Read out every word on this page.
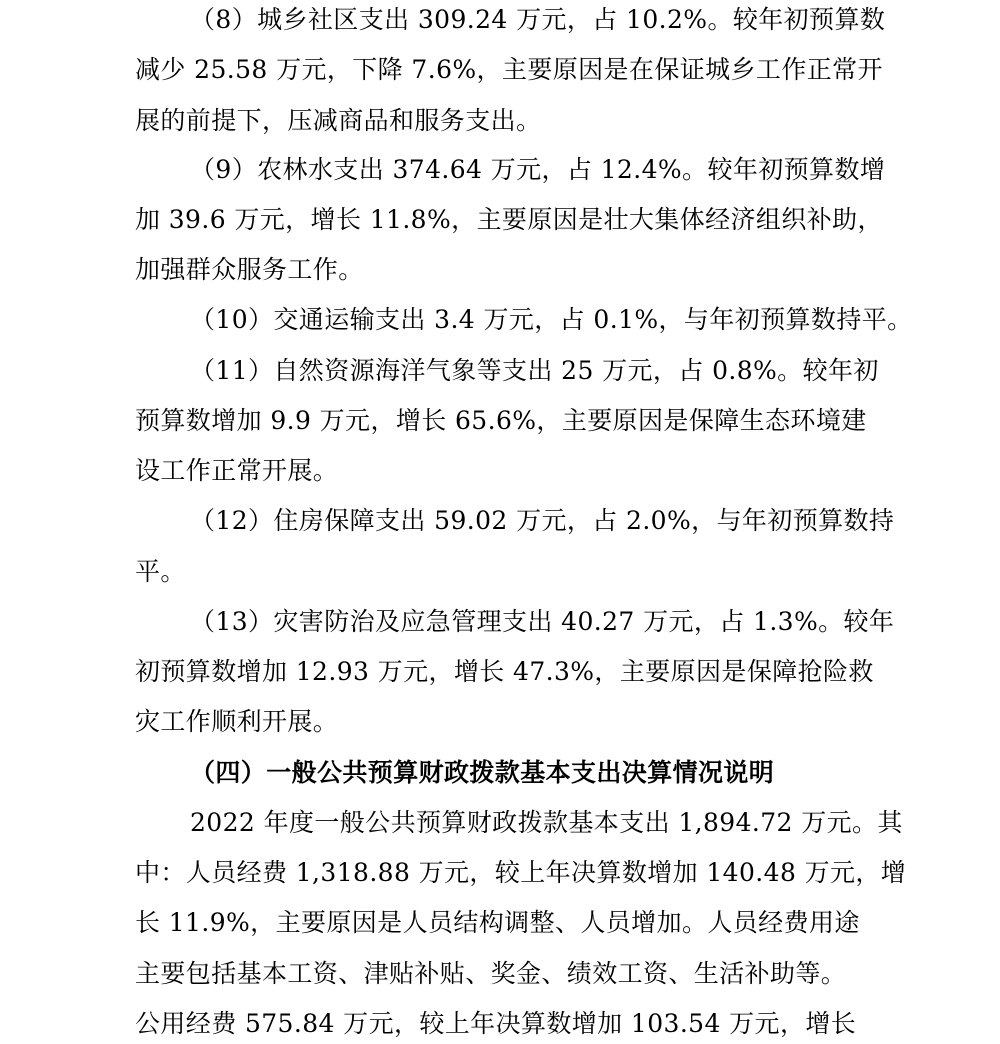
（8）城乡社区支出 309.24 万元，占 10.2%。较年初预算数
减少 25.58 万元，下降 7.6%，主要原因是在保证城乡工作正常开
展的前提下，压减商品和服务支出。
（9）农林水支出 374.64 万元，占 12.4%。较年初预算数增
加 39.6 万元，增长 11.8%，主要原因是壮大集体经济组织补助，
加强群众服务工作。
（10）交通运输支出 3.4 万元，占 0.1%，与年初预算数持平。
（11）自然资源海洋气象等支出 25 万元，占 0.8%。较年初
预算数增加 9.9 万元，增长 65.6%，主要原因是保障生态环境建
设工作正常开展。
（12）住房保障支出 59.02 万元，占 2.0%，与年初预算数持
平。
（13）灾害防治及应急管理支出 40.27 万元，占 1.3%。较年
初预算数增加 12.93 万元，增长 47.3%，主要原因是保障抢险救
灾工作顺利开展。
（四）一般公共预算财政拨款基本支出决算情况说明
2022 年度一般公共预算财政拨款基本支出 1,894.72 万元。其
中：人员经费 1,318.88 万元，较上年决算数增加 140.48 万元，增
长 11.9%，主要原因是人员结构调整、人员增加。人员经费用途
主要包括基本工资、津贴补贴、奖金、绩效工资、生活补助等。
公用经费 575.84 万元，较上年决算数增加 103.54 万元，增长
